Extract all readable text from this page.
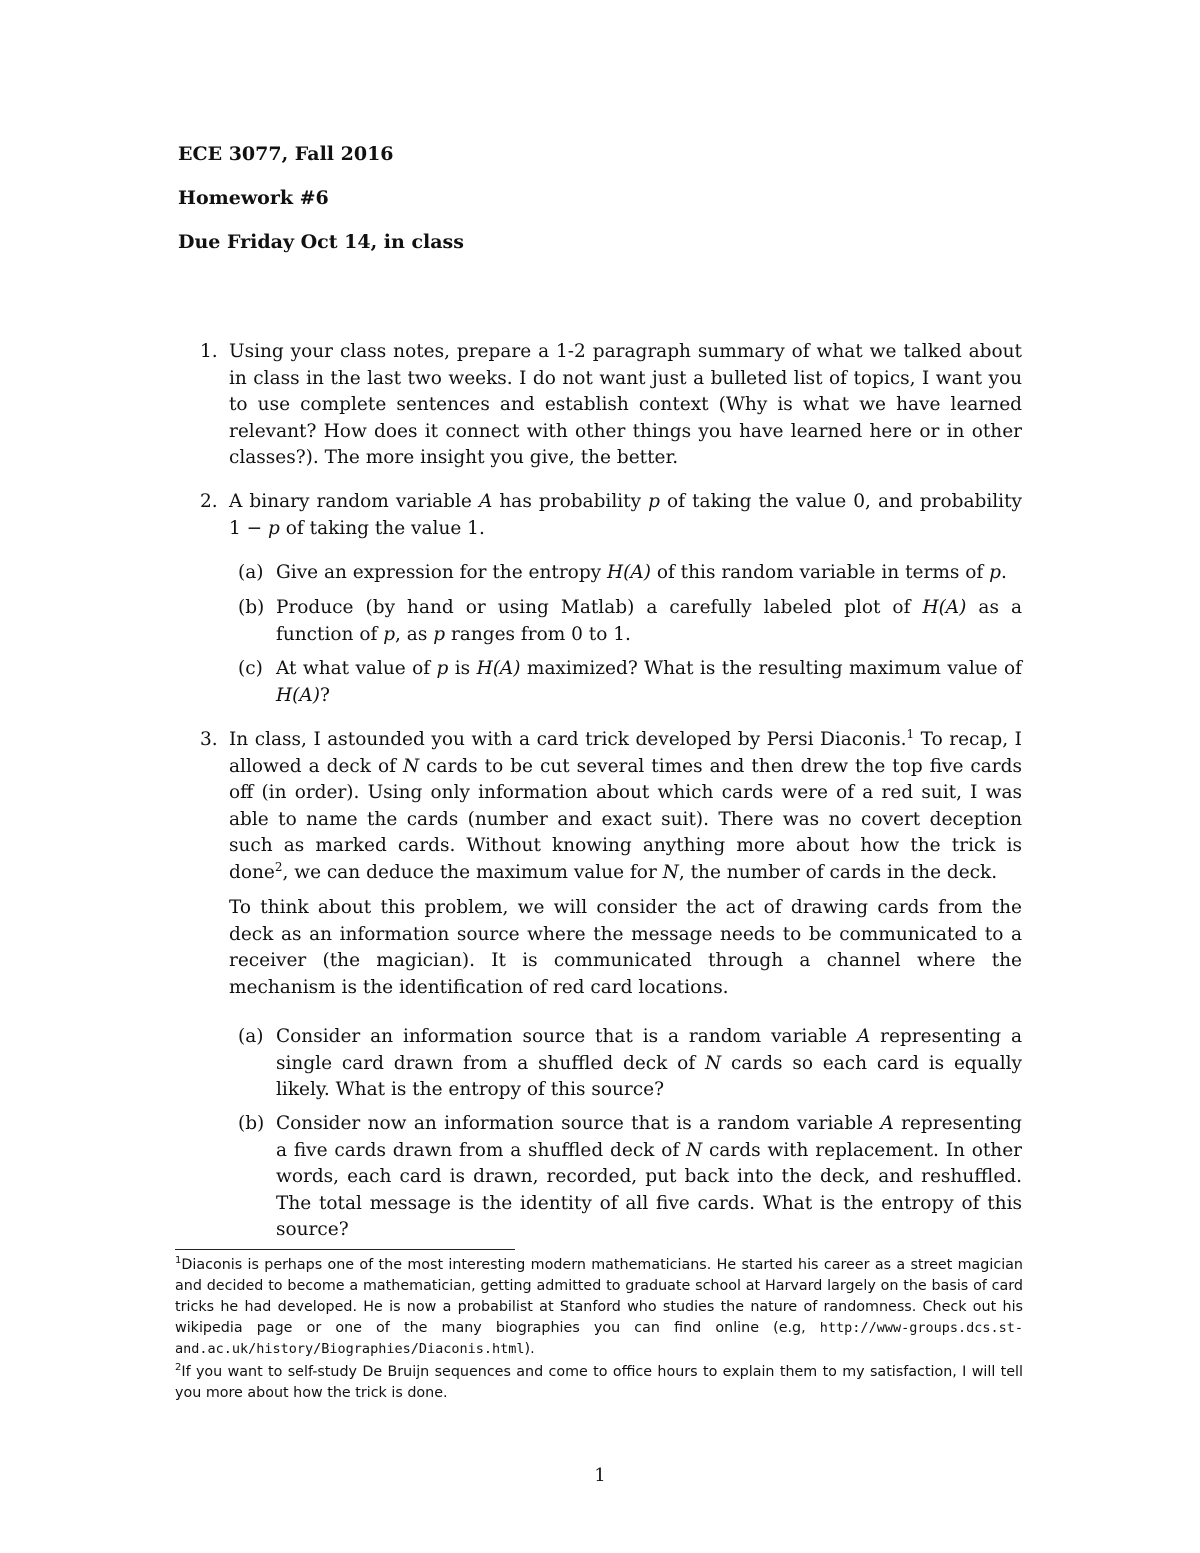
ECE 3077, Fall 2016
Homework #6
Due Friday Oct 14, in class
1. Using your class notes, prepare a 1-2 paragraph summary of what we talked about in class in the last two weeks. I do not want just a bulleted list of topics, I want you to use complete sentences and establish context (Why is what we have learned relevant? How does it connect with other things you have learned here or in other classes?). The more insight you give, the better.
2. A binary random variable A has probability p of taking the value 0, and probability 1 − p of taking the value 1.
(a) Give an expression for the entropy H(A) of this random variable in terms of p.
(b) Produce (by hand or using Matlab) a carefully labeled plot of H(A) as a function of p, as p ranges from 0 to 1.
(c) At what value of p is H(A) maximized? What is the resulting maximum value of H(A)?
3. In class, I astounded you with a card trick developed by Persi Diaconis.$^1$ To recap, I allowed a deck of N cards to be cut several times and then drew the top five cards off (in order). Using only information about which cards were of a red suit, I was able to name the cards (number and exact suit). There was no covert deception such as marked cards. Without knowing anything more about how the trick is done$^2$, we can deduce the maximum value for N, the number of cards in the deck.
To think about this problem, we will consider the act of drawing cards from the deck as an information source where the message needs to be communicated to a receiver (the magician). It is communicated through a channel where the mechanism is the identification of red card locations.
(a) Consider an information source that is a random variable A representing a single card drawn from a shuffled deck of N cards so each card is equally likely. What is the entropy of this source?
(b) Consider now an information source that is a random variable A representing a five cards drawn from a shuffled deck of N cards with replacement. In other words, each card is drawn, recorded, put back into the deck, and reshuffled. The total message is the identity of all five cards. What is the entropy of this source?
$^1$Diaconis is perhaps one of the most interesting modern mathematicians. He started his career as a street magician and decided to become a mathematician, getting admitted to graduate school at Harvard largely on the basis of card tricks he had developed. He is now a probabilist at Stanford who studies the nature of randomness. Check out his wikipedia page or one of the many biographies you can find online (e.g, http://www-groups.dcs.st-and.ac.uk/history/Biographies/Diaconis.html).
$^2$If you want to self-study De Bruijn sequences and come to office hours to explain them to my satisfaction, I will tell you more about how the trick is done.
1
